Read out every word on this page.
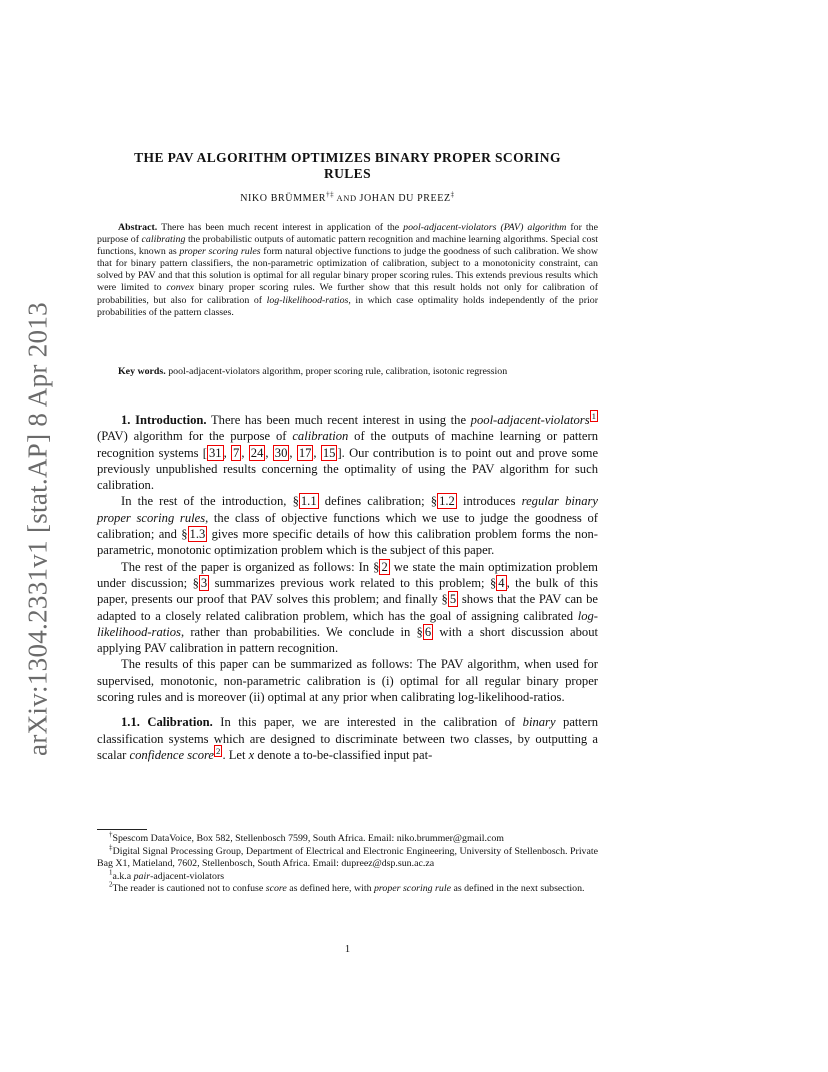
arXiv:1304.2331v1 [stat.AP] 8 Apr 2013
THE PAV ALGORITHM OPTIMIZES BINARY PROPER SCORING
RULES
NIKO BRÜMMER†‡ AND JOHAN DU PREEZ‡

Abstract. There has been much recent interest in application of the pool-adjacent-violators (PAV) algorithm for the purpose of calibrating the probabilistic outputs of automatic pattern recognition and machine learning algorithms. Special cost functions, known as proper scoring rules form natural objective functions to judge the goodness of such calibration. We show that for binary pattern classifiers, the non-parametric optimization of calibration, subject to a monotonicity constraint, can solved by PAV and that this solution is optimal for all regular binary proper scoring rules. This extends previous results which were limited to convex binary proper scoring rules. We further show that this result holds not only for calibration of probabilities, but also for calibration of log-likelihood-ratios, in which case optimality holds independently of the prior probabilities of the pattern classes.

Key words. pool-adjacent-violators algorithm, proper scoring rule, calibration, isotonic regression

1. Introduction. There has been much recent interest in using the pool-adjacent-violators $^1$ (PAV) algorithm for the purpose of calibration of the outputs of machine learning or pattern recognition systems [ 31 , 7 , 24 , 30 , 17 , 15 ]. Our contribution is to point out and prove some previously unpublished results concerning the optimality of using the PAV algorithm for such calibration.

In the rest of the introduction, § 1.1 defines calibration; § 1.2 introduces regular binary proper scoring rules, the class of objective functions which we use to judge the goodness of calibration; and § 1.3 gives more specific details of how this calibration problem forms the non-parametric, monotonic optimization problem which is the subject of this paper.

The rest of the paper is organized as follows: In § 2 we state the main optimization problem under discussion; § 3 summarizes previous work related to this problem; § 4 , the bulk of this paper, presents our proof that PAV solves this problem; and finally § 5 shows that the PAV can be adapted to a closely related calibration problem, which has the goal of assigning calibrated log-likelihood-ratios, rather than probabilities. We conclude in § 6 with a short discussion about applying PAV calibration in pattern recognition.

The results of this paper can be summarized as follows: The PAV algorithm, when used for supervised, monotonic, non-parametric calibration is (i) optimal for all regular binary proper scoring rules and is moreover (ii) optimal at any prior when calibrating log-likelihood-ratios.

1.1. Calibration. In this paper, we are interested in the calibration of binary pattern classification systems which are designed to discriminate between two classes, by outputting a scalar confidence score $^2$ . Let x denote a to-be-classified input pat-

†Spescom DataVoice, Box 582, Stellenbosch 7599, South Africa. Email: niko.brummer@gmail.com

‡Digital Signal Processing Group, Department of Electrical and Electronic Engineering, University of Stellenbosch. Private Bag X1, Matieland, 7602, Stellenbosch, South Africa. Email: dupreez@dsp.sun.ac.za

$^1$a.k.a pair-adjacent-violators

$^2$The reader is cautioned not to confuse score as defined here, with proper scoring rule as defined in the next subsection.

1
